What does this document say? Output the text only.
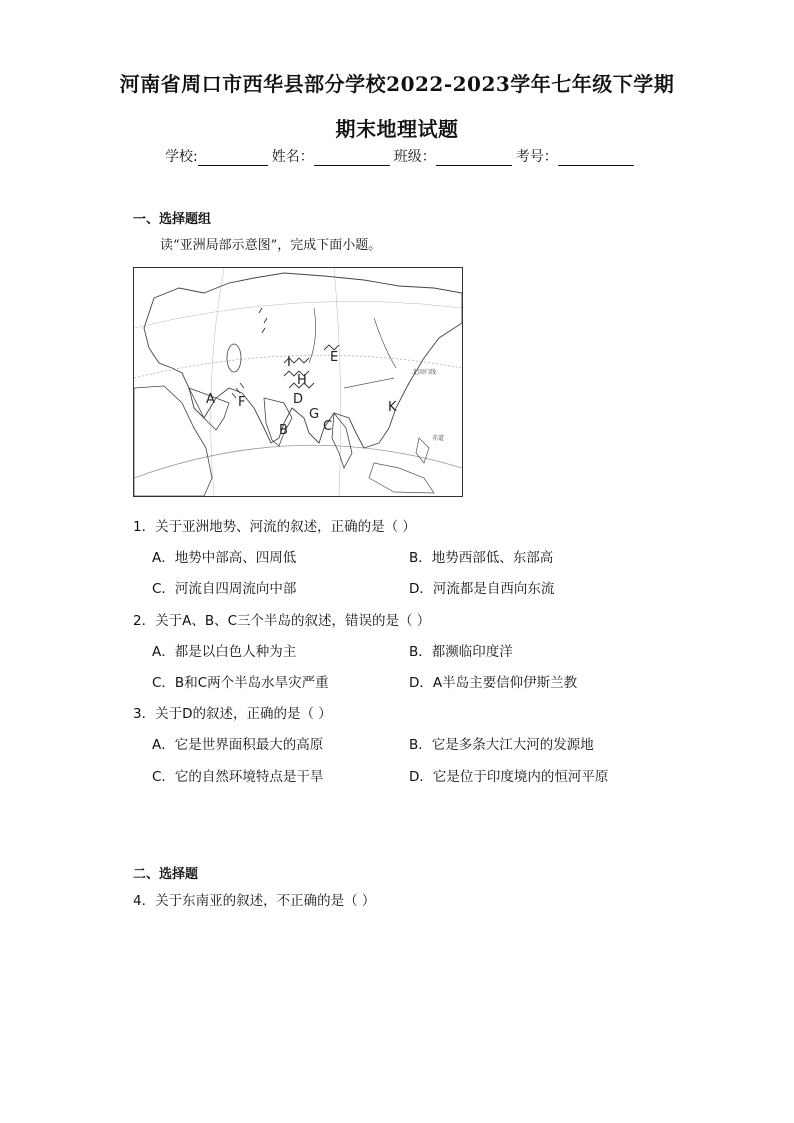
河南省周口市西华县部分学校2022-2023学年七年级下学期
期末地理试题
学校:	姓名：	班级：	考号：
一、选择题组
读“亚洲局部示意图”，完成下面小题。
A
B	C
D
E
F
G
H
I
K
北回归线
赤道
1．关于亚洲地势、河流的叙述，正确的是（ ）
A．地势中部高、四周低	B．地势西部低、东部高
C．河流自四周流向中部	D．河流都是自西向东流
2．关于A、B、C三个半岛的叙述，错误的是（ ）
A．都是以白色人种为主	B．都濒临印度洋
C．B和C两个半岛水旱灾严重	D．A半岛主要信仰伊斯兰教
3．关于D的叙述，正确的是（ ）
A．它是世界面积最大的高原	B．它是多条大江大河的发源地
C．它的自然环境特点是干旱	D．它是位于印度境内的恒河平原
二、选择题
4．关于东南亚的叙述，不正确的是（ ）
